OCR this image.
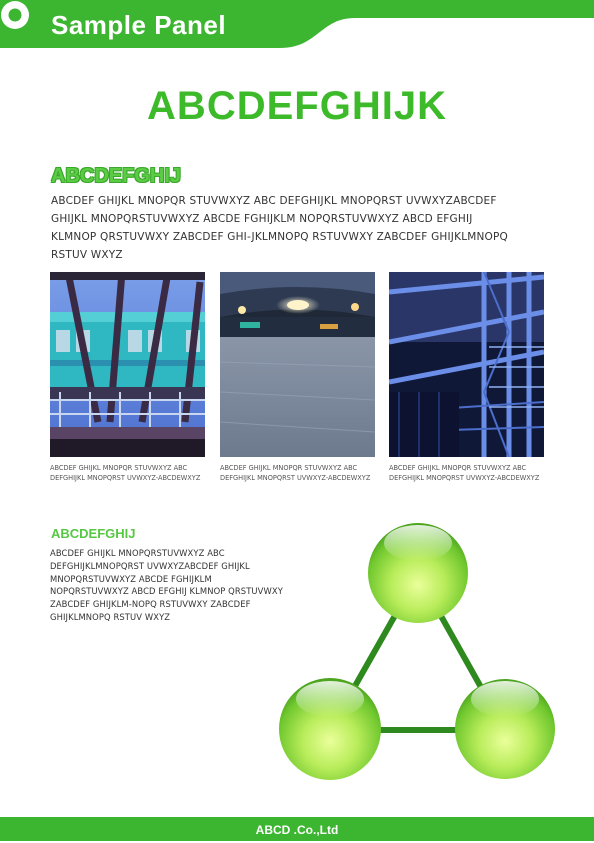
Sample Panel
ABCDEFGHIJK
ABCDEFGHIJ

ABCDEF GHIJKL MNOPQR STUVWXYZ ABC DEFGHIJKL MNOPQRST UVWXYZABCDEF GHIJKL MNOPQRSTUVWXYZ ABCDE FGHIJKLM NOPQRSTUVWXYZ ABCD EFGHIJ KLMNOP QRSTUVWXY ZABCDEF GHI-JKLMNOPQ RSTUVWXY ZABCDEF GHIJKLMNOPQ RSTUV WXYZ

ABCDEF GHIJKL MNOPQR STUVWXYZ ABC DEFGHIJKL MNOPQRST UVWXYZ-ABCDEWXYZ

ABCDEF GHIJKL MNOPQR STUVWXYZ ABC DEFGHIJKL MNOPQRST UVWXYZ-ABCDEWXYZ

ABCDEF GHIJKL MNOPQR STUVWXYZ ABC DEFGHIJKL MNOPQRST UVWXYZ-ABCDEWXYZ

ABCDEFGHIJ

ABCDEF GHIJKL MNOPQRSTUVWXYZ ABC DEFGHIJKLMNOPQRST UVWXYZABCDEF GHIJKL MNOPQRSTUVWXYZ ABCDE FGHIJKLM NOPQRSTUVWXYZ ABCD EFGHIJ KLMNOP QRSTUVWXY ZABCDEF GHIJKLM-NOPQ RSTUVWXY ZABCDEF GHIJKLMNOPQ RSTUV WXYZ

ABCD .Co.,Ltd
